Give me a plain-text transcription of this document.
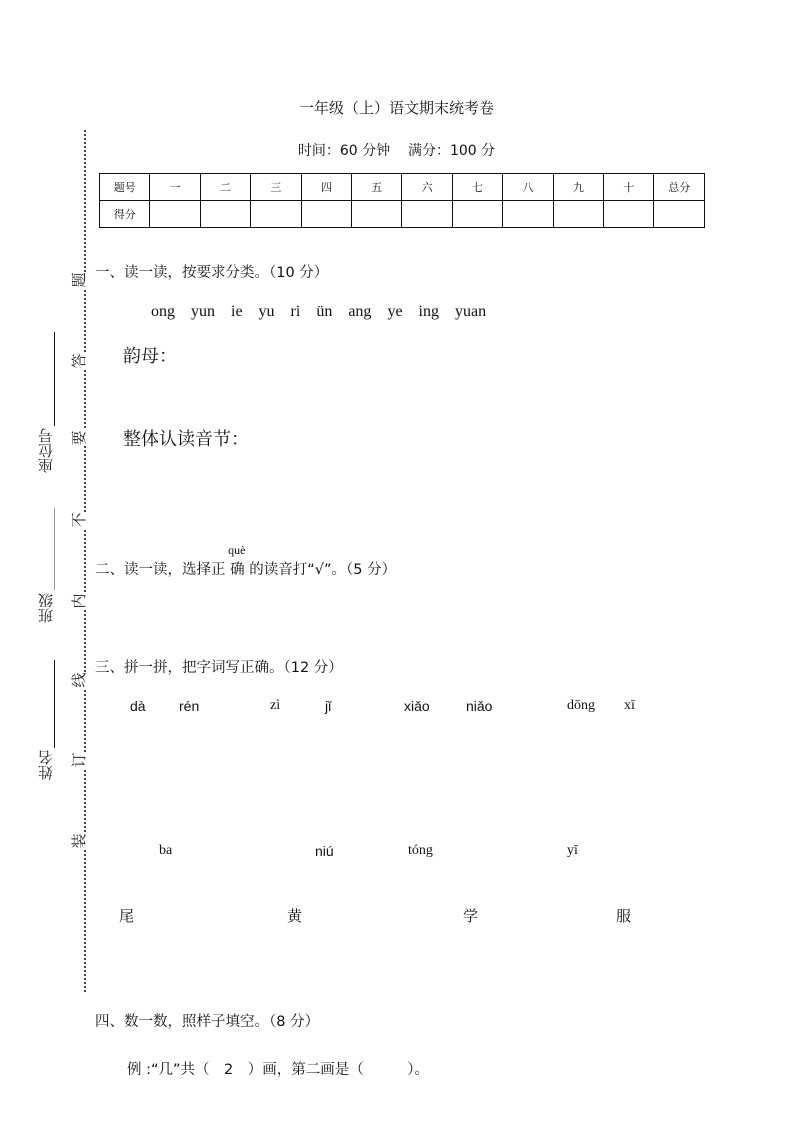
题
答
要
不
内
线
订
装
座位号
班级
姓名
一年级（上）语文期末统考卷
时间：60 分钟 满分：100 分
题号	一	二	三	四	五	六	七	八	九	十	总分
得分											
一、读一读，按要求分类。（10 分）
ong yun ie yu ri ün ang ye ing yuan
韵母：
整体认读音节：
二、读一读，选择正
què
确 的读音打“√”。（5 分）
三、拼一拼，把字词写正确。（12 分）
dà rén	zì	jǐ	xiǎo	niǎo	dōng xī
ba	niú	tóng	yī
尾	黄	学	服
四、数一数，照样子填空。（8 分）
例 :“几”共（　2　）画，第二画是（　　　）。
